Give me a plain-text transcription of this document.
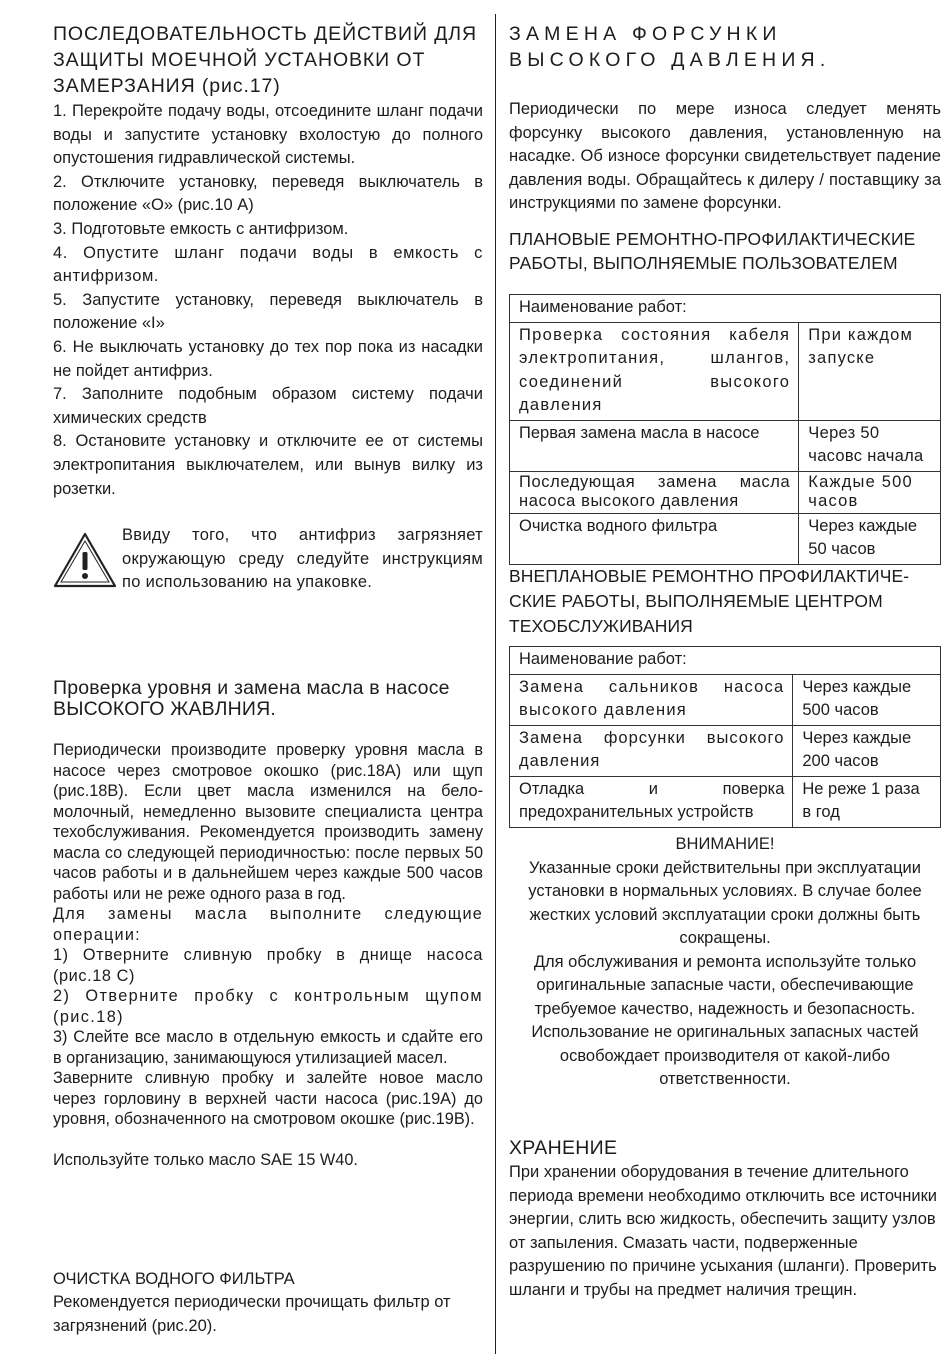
ПОСЛЕДОВАТЕЛЬНОСТЬ ДЕЙСТВИЙ ДЛЯ ЗАЩИТЫ МОЕЧНОЙ УСТАНОВКИ ОТ ЗАМЕРЗАНИЯ (рис.17)
1. Перекройте подачу воды, отсоедините шланг подачи воды и запустите установку вхолостую до полного опустошения гидравлической системы.
2. Отключите установку, переведя выключатель в положение «О» (рис.10 А)
3. Подготовьте емкость с антифризом.
4. Опустите шланг подачи воды в емкость с антифризом.
5. Запустите установку, переведя выключатель в положение «I»
6. Не выключать установку до тех пор пока из насадки не пойдет антифриз.
7. Заполните подобным образом систему подачи химических средств
8. Остановите установку и отключите ее от системы электропитания выключателем, или вынув вилку из розетки.
Ввиду того, что антифриз загрязняет окружающую среду следуйте инструкциям по использованию на упаковке.
Проверка уровня и замена масла в насосе
ВЫСОКОГО ЖАВЛНИЯ.
Периодически производите проверку уровня масла в насосе через смотровое окошко (рис.18А) или щуп (рис.18В). Если цвет масла изменился на бело-молочный, немедленно вызовите специалиста центра техобслуживания. Рекомендуется производить замену масла со следующей периодичностью: после первых 50 часов работы и в дальнейшем через каждые 500 часов работы или не реже одного раза в год.
Для замены масла выполните следующие операции:
1) Отверните сливную пробку в днище насоса (рис.18 С)
2) Отверните пробку с контрольным щупом (рис.18)
3) Слейте все масло в отдельную емкость и сдайте его в организацию, занимающуюся утилизацией масел.
Заверните сливную пробку и залейте новое масло через горловину в верхней части насоса (рис.19А) до уровня, обозначенного на смотровом окошке (рис.19В).
Используйте только масло SAE 15 W40.
ОЧИСТКА ВОДНОГО ФИЛЬТРА
Рекомендуется периодически прочищать фильтр от загрязнений (рис.20).
ЗАМЕНА ФОРСУНКИ ВЫСОКОГО ДАВЛЕНИЯ.
Периодически по мере износа следует менять форсунку высокого давления, установленную на насадке. Об износе форсунки свидетельствует падение давления воды. Обращайтесь к дилеру / поставщику за инструкциями по замене форсунки.
ПЛАНОВЫЕ РЕМОНТНО-ПРОФИЛАКТИЧЕСКИЕ РАБОТЫ, ВЫПОЛНЯЕМЫЕ ПОЛЬЗОВАТЕЛЕМ
Наименование работ:	
Проверка состояния кабеля электропитания, шлангов, соединений высокого давления	При каждом запуске
Первая замена масла в насосе	Через 50 часовс начала
Последующая замена масла насоса высокого давления	Каждые 500 часов
Очистка водного фильтра	Через каждые 50 часов
ВНЕПЛАНОВЫЕ РЕМОНТНО ПРОФИЛАКТИЧЕ-СКИЕ РАБОТЫ, ВЫПОЛНЯЕМЫЕ ЦЕНТРОМ ТЕХОБСЛУЖИВАНИЯ
Наименование работ:	
Замена сальников насоса высокого давления	Через каждые 500 часов
Замена форсунки высокого давления	Через каждые 200 часов
Отладка и поверка предохранительных устройств	Не реже 1 раза в год
ВНИМАНИЕ!
Указанные сроки действительны при эксплуатации установки в нормальных условиях. В случае более жестких условий эксплуатации сроки должны быть сокращены.
Для обслуживания и ремонта используйте только оригинальные запасные части, обеспечивающие требуемое качество, надежность и безопасность.
Использование не оригинальных запасных частей освобождает производителя от какой-либо ответственности.
ХРАНЕНИЕ
При хранении оборудования в течение длительного периода времени необходимо отключить все источники энергии, слить всю жидкость, обеспечить защиту узлов от запыления. Смазать части, подверженные разрушению по причине усыхания (шланги). Проверить шланги и трубы на предмет наличия трещин.
